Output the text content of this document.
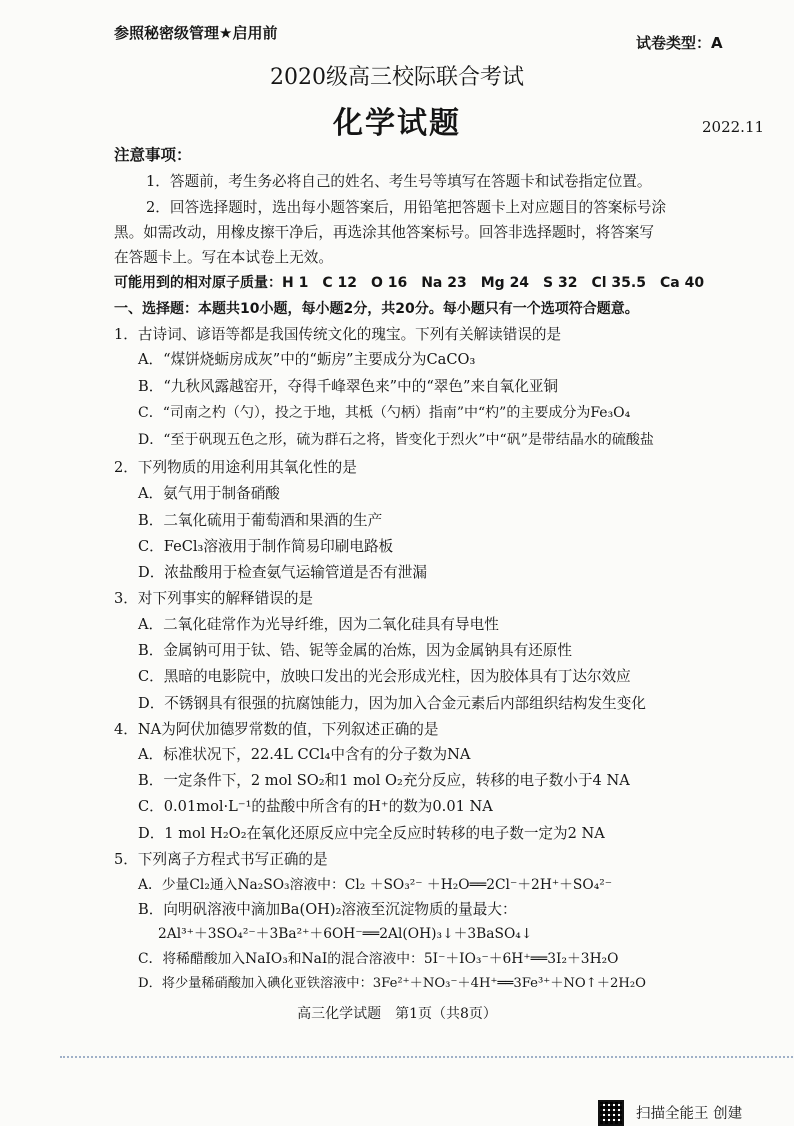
参照秘密级管理★启用前
试卷类型：A
2020级高三校际联合考试
化学试题	2022.11
注意事项：
1．答题前，考生务必将自己的姓名、考生号等填写在答题卡和试卷指定位置。
2．回答选择题时，选出每小题答案后，用铅笔把答题卡上对应题目的答案标号涂
黑。如需改动，用橡皮擦干净后，再选涂其他答案标号。回答非选择题时，将答案写
在答题卡上。写在本试卷上无效。
可能用到的相对原子质量：H 1　C 12　O 16　Na 23　Mg 24　S 32　Cl 35.5　Ca 40
一、选择题：本题共10小题，每小题2分，共20分。每小题只有一个选项符合题意。
1．古诗词、谚语等都是我国传统文化的瑰宝。下列有关解读错误的是
A．“煤饼烧蛎房成灰”中的“蛎房”主要成分为CaCO₃
B．“九秋风露越窑开，夺得千峰翠色来”中的“翠色”来自氧化亚铜
C．“司南之杓（勺），投之于地，其柢（勺柄）指南”中“杓”的主要成分为Fe₃O₄
D．“至于矾现五色之形，硫为群石之将，皆变化于烈火”中“矾”是带结晶水的硫酸盐
2．下列物质的用途利用其氧化性的是
A．氨气用于制备硝酸
B．二氧化硫用于葡萄酒和果酒的生产
C．FeCl₃溶液用于制作简易印刷电路板
D．浓盐酸用于检查氨气运输管道是否有泄漏
3．对下列事实的解释错误的是
A．二氧化硅常作为光导纤维，因为二氧化硅具有导电性
B．金属钠可用于钛、锆、铌等金属的冶炼，因为金属钠具有还原性
C．黑暗的电影院中，放映口发出的光会形成光柱，因为胶体具有丁达尔效应
D．不锈钢具有很强的抗腐蚀能力，因为加入合金元素后内部组织结构发生变化
4．NA为阿伏加德罗常数的值，下列叙述正确的是
A．标准状况下，22.4L CCl₄中含有的分子数为NA
B．一定条件下，2 mol SO₂和1 mol O₂充分反应，转移的电子数小于4 NA
C．0.01mol·L⁻¹的盐酸中所含有的H⁺的数为0.01 NA
D．1 mol H₂O₂在氧化还原反应中完全反应时转移的电子数一定为2 NA
5．下列离子方程式书写正确的是
A．少量Cl₂通入Na₂SO₃溶液中：Cl₂ ＋SO₃²⁻ ＋H₂O══2Cl⁻＋2H⁺＋SO₄²⁻
B．向明矾溶液中滴加Ba(OH)₂溶液至沉淀物质的量最大：
2Al³⁺＋3SO₄²⁻＋3Ba²⁺＋6OH⁻══2Al(OH)₃↓＋3BaSO₄↓
C．将稀醋酸加入NaIO₃和NaI的混合溶液中：5I⁻＋IO₃⁻＋6H⁺══3I₂＋3H₂O
D．将少量稀硝酸加入碘化亚铁溶液中：3Fe²⁺＋NO₃⁻＋4H⁺══3Fe³⁺＋NO↑＋2H₂O
高三化学试题　第1页（共8页）
扫描全能王 创建
